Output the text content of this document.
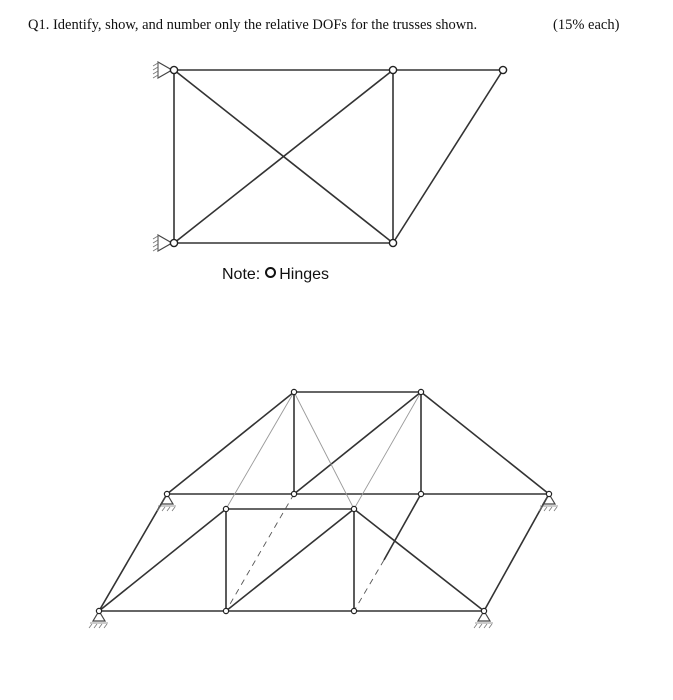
Q1. Identify, show, and number only the relative DOFs for the trusses shown.	(15% each)
Note: Hinges
